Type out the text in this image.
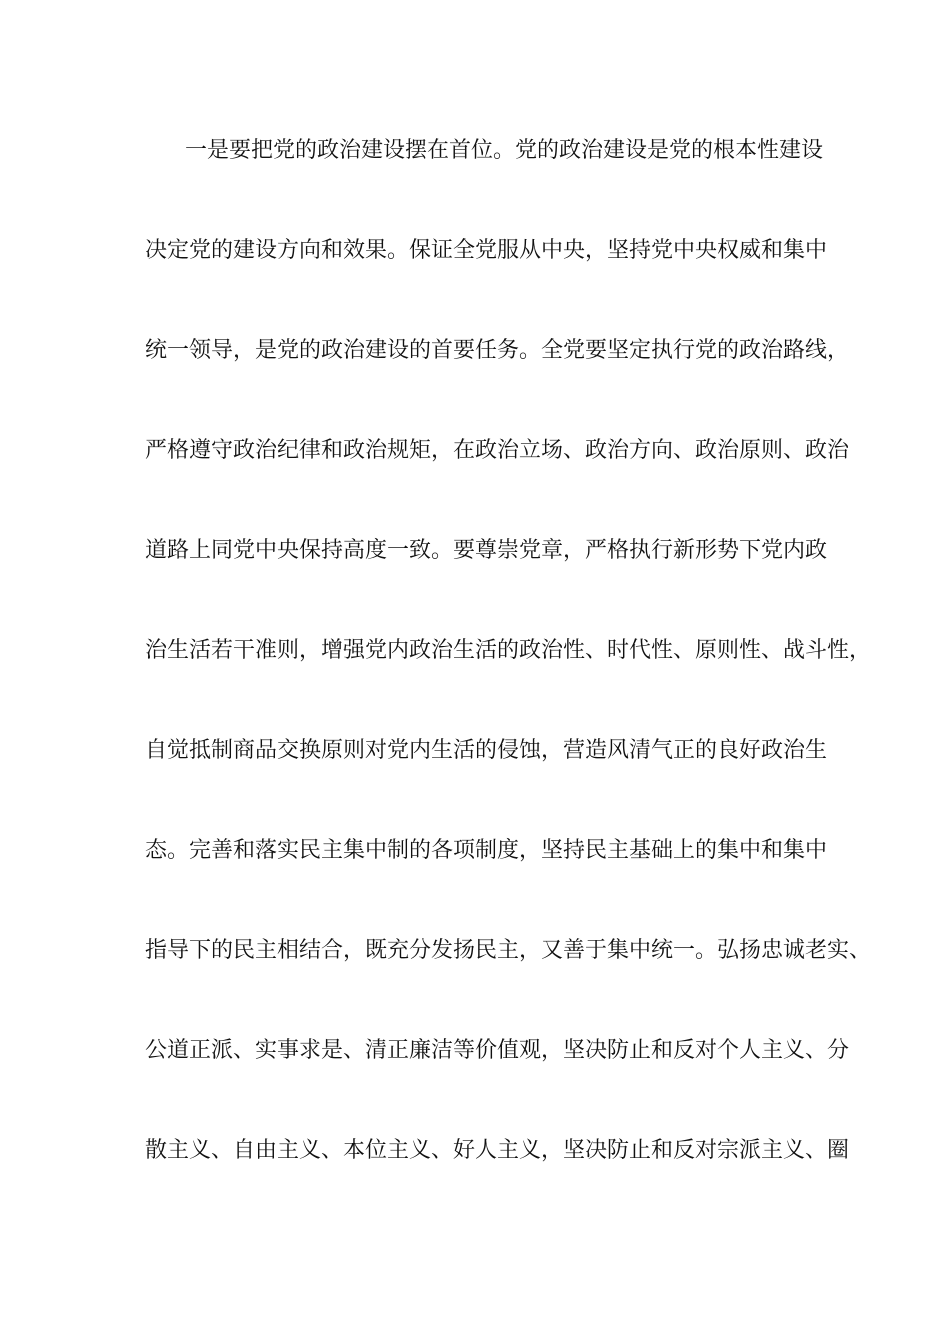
一是要把党的政治建设摆在首位。党的政治建设是党的根本性建设
决定党的建设方向和效果。保证全党服从中央，坚持党中央权威和集中
统一领导，是党的政治建设的首要任务。全党要坚定执行党的政治路线，
严格遵守政治纪律和政治规矩，在政治立场、政治方向、政治原则、政治
道路上同党中央保持高度一致。要尊崇党章，严格执行新形势下党内政
治生活若干准则，增强党内政治生活的政治性、时代性、原则性、战斗性，
自觉抵制商品交换原则对党内生活的侵蚀，营造风清气正的良好政治生
态。完善和落实民主集中制的各项制度，坚持民主基础上的集中和集中
指导下的民主相结合，既充分发扬民主，又善于集中统一。弘扬忠诚老实、
公道正派、实事求是、清正廉洁等价值观，坚决防止和反对个人主义、分
散主义、自由主义、本位主义、好人主义，坚决防止和反对宗派主义、圈
